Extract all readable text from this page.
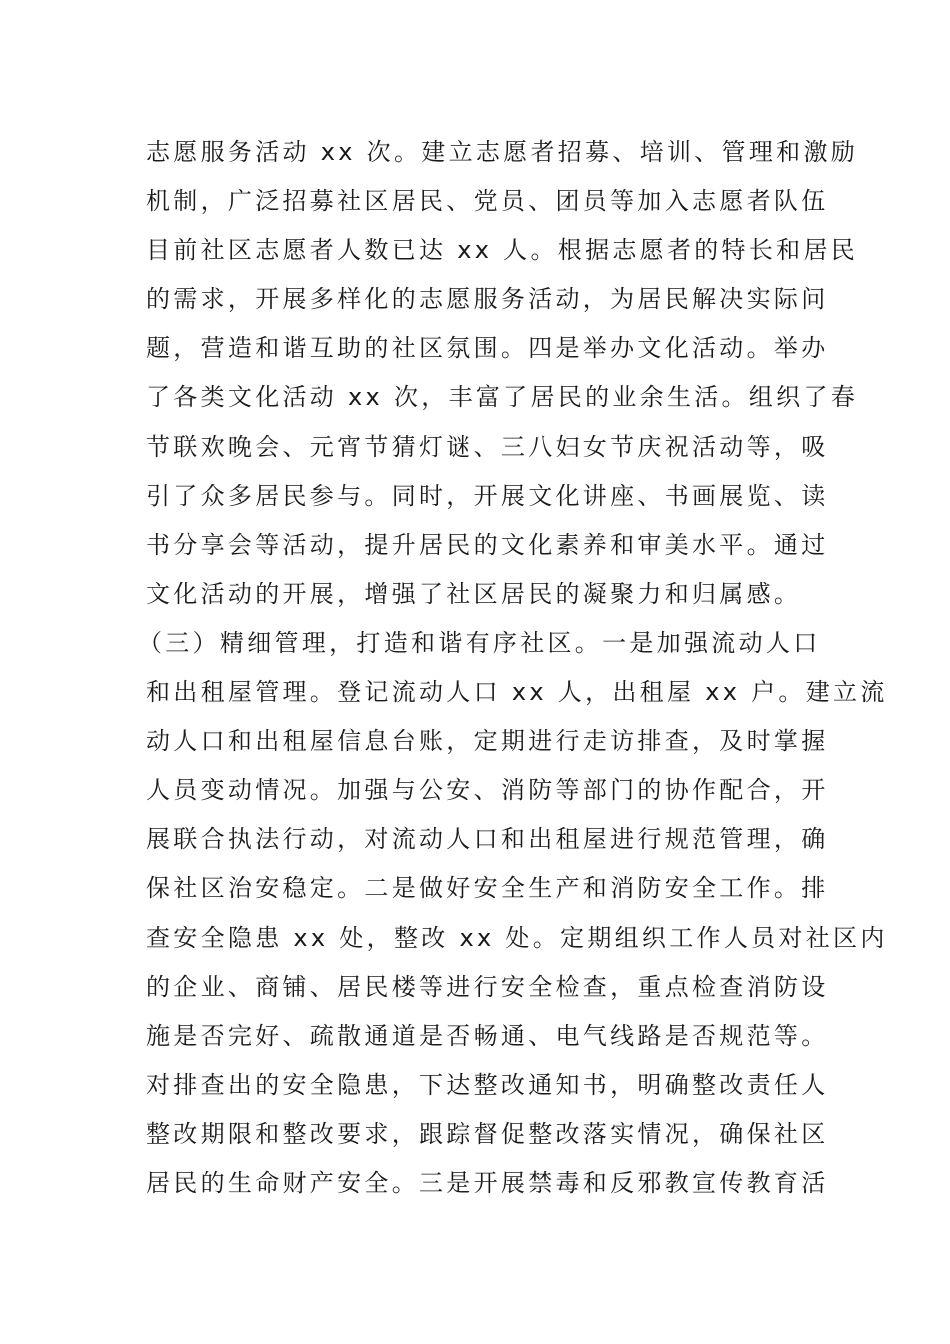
志愿服务活动 xx 次。建立志愿者招募、培训、管理和激励
机制，广泛招募社区居民、党员、团员等加入志愿者队伍
目前社区志愿者人数已达 xx 人。根据志愿者的特长和居民
的需求，开展多样化的志愿服务活动，为居民解决实际问
题，营造和谐互助的社区氛围。四是举办文化活动。举办
了各类文化活动 xx 次，丰富了居民的业余生活。组织了春
节联欢晚会、元宵节猜灯谜、三八妇女节庆祝活动等，吸
引了众多居民参与。同时，开展文化讲座、书画展览、读
书分享会等活动，提升居民的文化素养和审美水平。通过
文化活动的开展，增强了社区居民的凝聚力和归属感。
（三）精细管理，打造和谐有序社区。一是加强流动人口
和出租屋管理。登记流动人口 xx 人，出租屋 xx 户。建立流
动人口和出租屋信息台账，定期进行走访排查，及时掌握
人员变动情况。加强与公安、消防等部门的协作配合，开
展联合执法行动，对流动人口和出租屋进行规范管理，确
保社区治安稳定。二是做好安全生产和消防安全工作。排
查安全隐患 xx 处，整改 xx 处。定期组织工作人员对社区内
的企业、商铺、居民楼等进行安全检查，重点检查消防设
施是否完好、疏散通道是否畅通、电气线路是否规范等。
对排查出的安全隐患，下达整改通知书，明确整改责任人
整改期限和整改要求，跟踪督促整改落实情况，确保社区
居民的生命财产安全。三是开展禁毒和反邪教宣传教育活
